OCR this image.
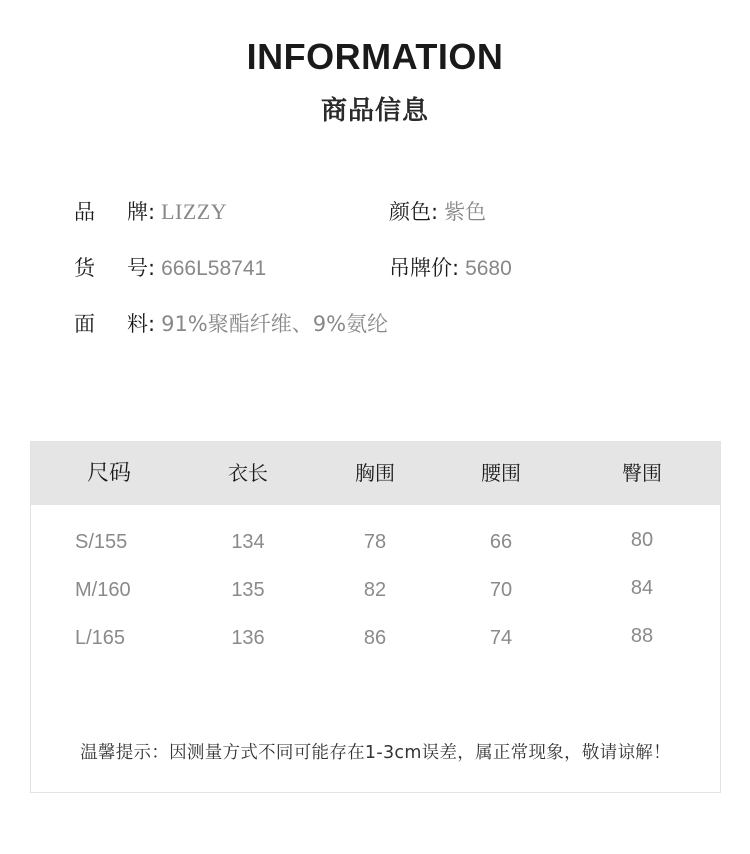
INFORMATION
商品信息
品 牌 : LIZZY	颜色: 紫色
货 号 : 666L58741	吊牌价: 5680
面 料 : 91%聚酯纤维、9%氨纶
尺码	衣长	胸围	腰围	臀围
S/155	134	78	66	80
M/160	135	82	70	84
L/165	136	86	74	88
温馨提示：因测量方式不同可能存在1-3cm误差，属正常现象，敬请谅解！
